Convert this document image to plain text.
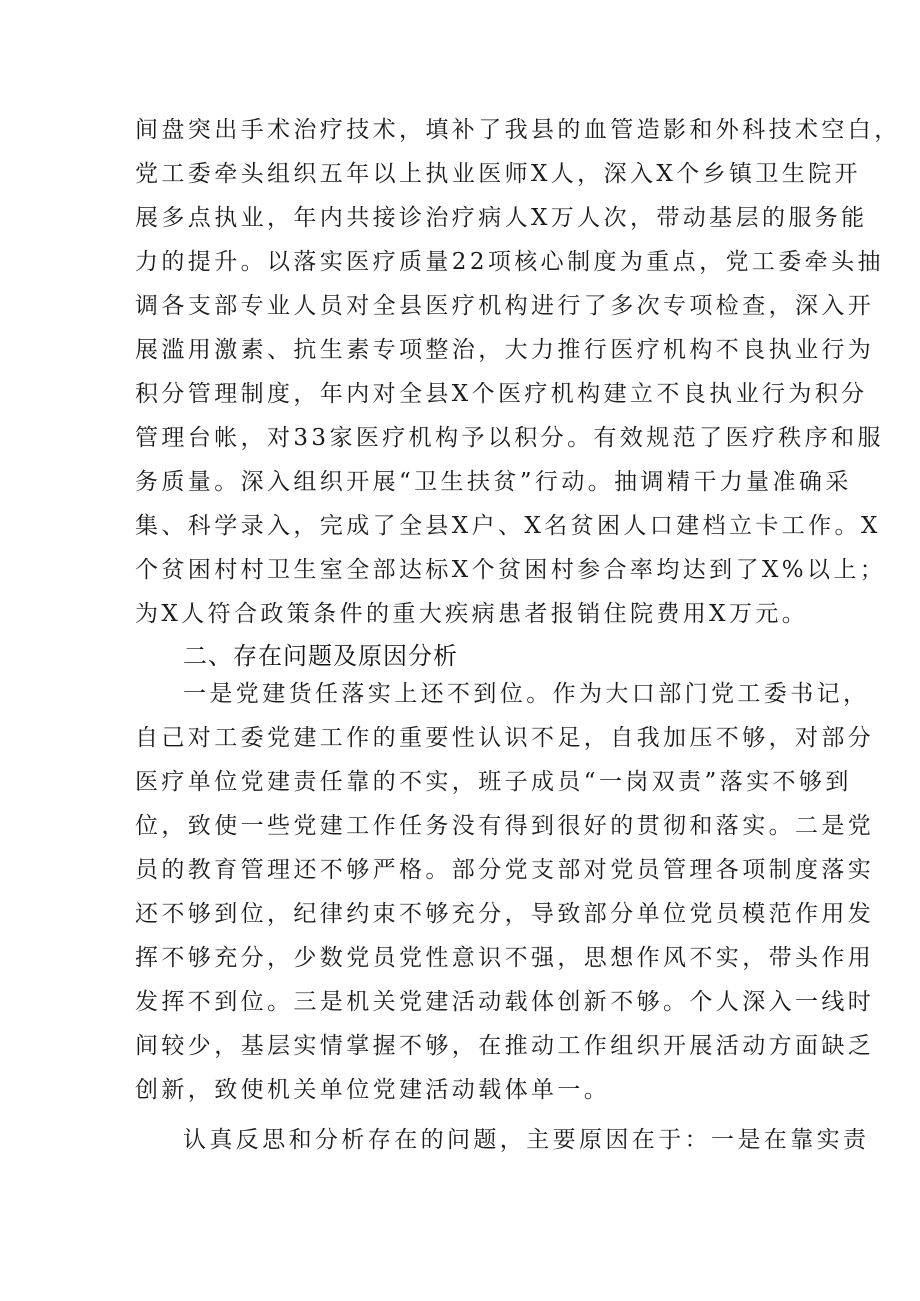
间盘突出手术治疗技术，填补了我县的血管造影和外科技术空白，
党工委牵头组织五年以上执业医师X人，深入X个乡镇卫生院开
展多点执业，年内共接诊治疗病人X万人次，带动基层的服务能
力的提升。以落实医疗质量22项核心制度为重点，党工委牵头抽
调各支部专业人员对全县医疗机构进行了多次专项检查，深入开
展滥用激素、抗生素专项整治，大力推行医疗机构不良执业行为
积分管理制度，年内对全县X个医疗机构建立不良执业行为积分
管理台帐，对33家医疗机构予以积分。有效规范了医疗秩序和服
务质量。深入组织开展“卫生扶贫”行动。抽调精干力量准确采
集、科学录入，完成了全县X户、X名贫困人口建档立卡工作。X
个贫困村村卫生室全部达标X个贫困村参合率均达到了X%以上；
为X人符合政策条件的重大疾病患者报销住院费用X万元。
二、存在问题及原因分析
一是党建货任落实上还不到位。作为大口部门党工委书记，
自己对工委党建工作的重要性认识不足，自我加压不够，对部分
医疗单位党建责任靠的不实，班子成员“一岗双责”落实不够到
位，致使一些党建工作任务没有得到很好的贯彻和落实。二是党
员的教育管理还不够严格。部分党支部对党员管理各项制度落实
还不够到位，纪律约束不够充分，导致部分单位党员模范作用发
挥不够充分，少数党员党性意识不强，思想作风不实，带头作用
发挥不到位。三是机关党建活动载体创新不够。个人深入一线时
间较少，基层实情掌握不够，在推动工作组织开展活动方面缺乏
创新，致使机关单位党建活动载体单一。
认真反思和分析存在的问题，主要原因在于：一是在靠实责
